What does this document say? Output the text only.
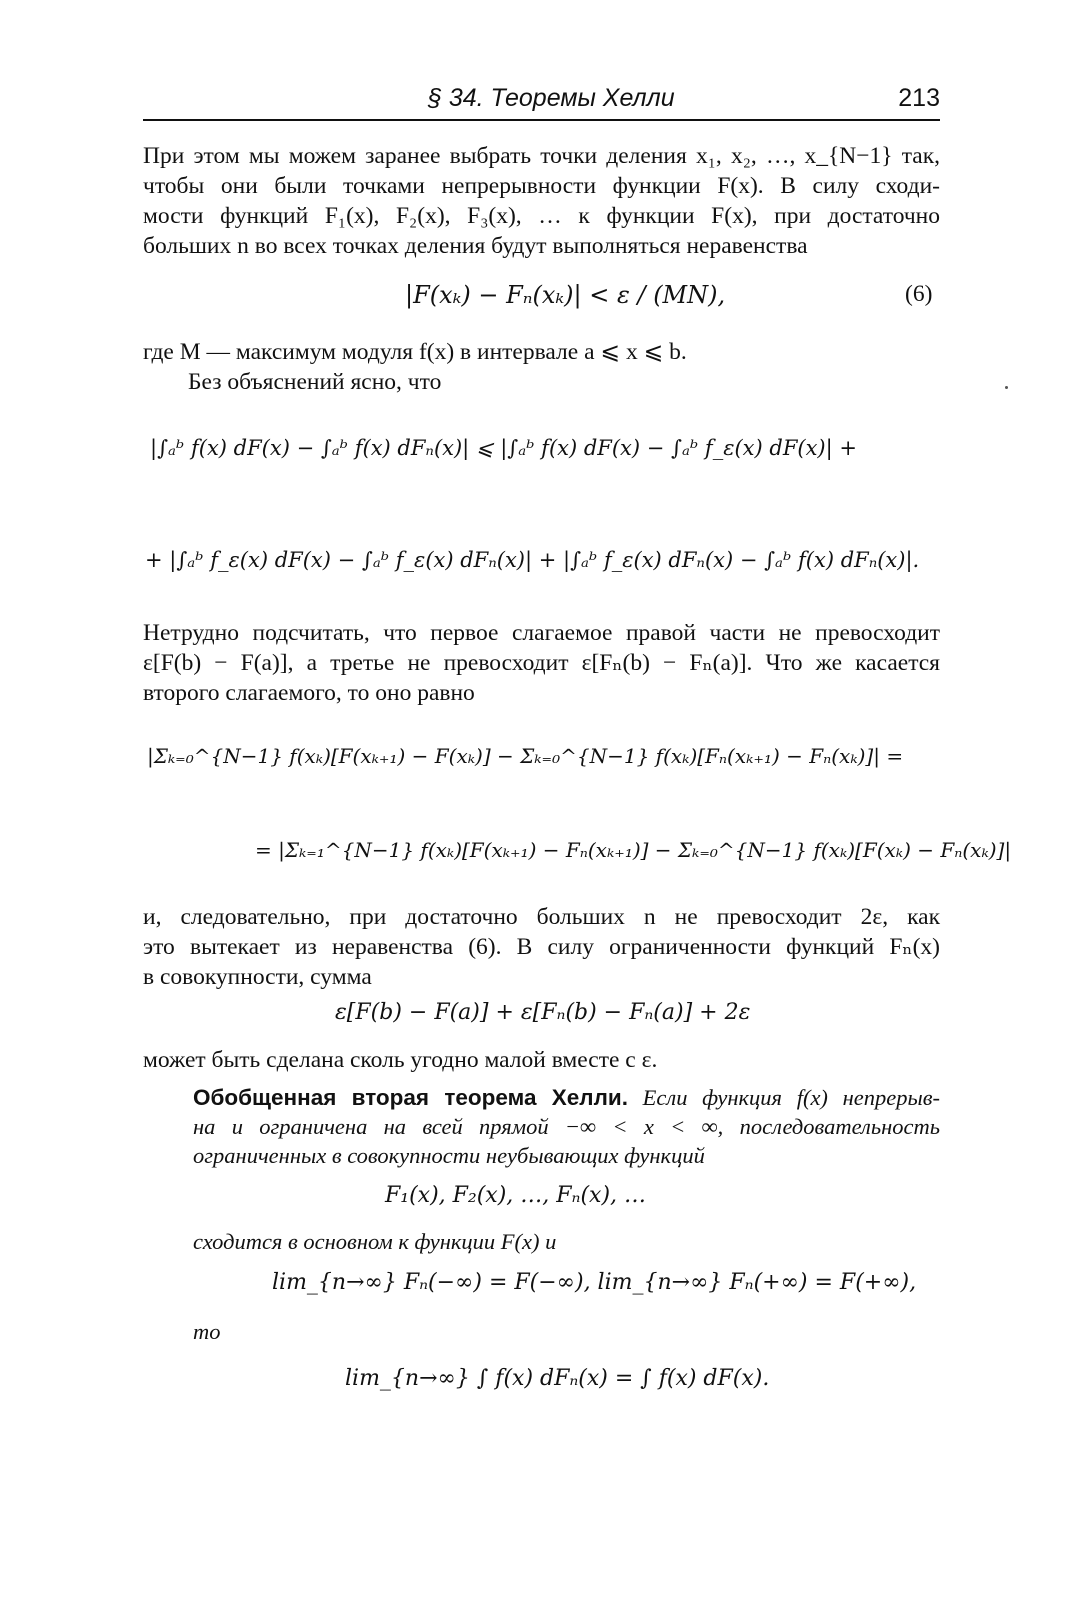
§ 34. Теоремы Хелли	213
При этом мы можем заранее выбрать точки деления x₁, x₂, …, x_{N−1} так,
чтобы они были точками непрерывности функции F(x). В силу сходи-
мости функций F₁(x), F₂(x), F₃(x), … к функции F(x), при достаточно
больших n во всех точках деления будут выполняться неравенства
|F(xₖ) − Fₙ(xₖ)| < ε / (MN),	(6)
где M — максимум модуля f(x) в интервале a ⩽ x ⩽ b.
Без объяснений ясно, что
|∫ₐᵇ f(x) dF(x) − ∫ₐᵇ f(x) dFₙ(x)| ⩽ |∫ₐᵇ f(x) dF(x) − ∫ₐᵇ f_ε(x) dF(x)| +
+ |∫ₐᵇ f_ε(x) dF(x) − ∫ₐᵇ f_ε(x) dFₙ(x)| + |∫ₐᵇ f_ε(x) dFₙ(x) − ∫ₐᵇ f(x) dFₙ(x)|.
Нетрудно подсчитать, что первое слагаемое правой части не превосходит
ε[F(b) − F(a)], а третье не превосходит ε[Fₙ(b) − Fₙ(a)]. Что же касается
второго слагаемого, то оно равно
|Σₖ₌₀^{N−1} f(xₖ)[F(xₖ₊₁) − F(xₖ)] − Σₖ₌₀^{N−1} f(xₖ)[Fₙ(xₖ₊₁) − Fₙ(xₖ)]| =
= |Σₖ₌₁^{N−1} f(xₖ)[F(xₖ₊₁) − Fₙ(xₖ₊₁)] − Σₖ₌₀^{N−1} f(xₖ)[F(xₖ) − Fₙ(xₖ)]|
и, следовательно, при достаточно больших n не превосходит 2ε, как
это вытекает из неравенства (6). В силу ограниченности функций Fₙ(x)
в совокупности, сумма
ε[F(b) − F(a)] + ε[Fₙ(b) − Fₙ(a)] + 2ε
может быть сделана сколь угодно малой вместе с ε.
Обобщенная вторая теорема Хелли. Если функция f(x) непрерыв-
на и ограничена на всей прямой −∞ < x < ∞, последовательность
ограниченных в совокупности неубывающих функций
F₁(x), F₂(x), …, Fₙ(x), …
сходится в основном к функции F(x) и
lim_{n→∞} Fₙ(−∞) = F(−∞), lim_{n→∞} Fₙ(+∞) = F(+∞),
то
lim_{n→∞} ∫ f(x) dFₙ(x) = ∫ f(x) dF(x).
